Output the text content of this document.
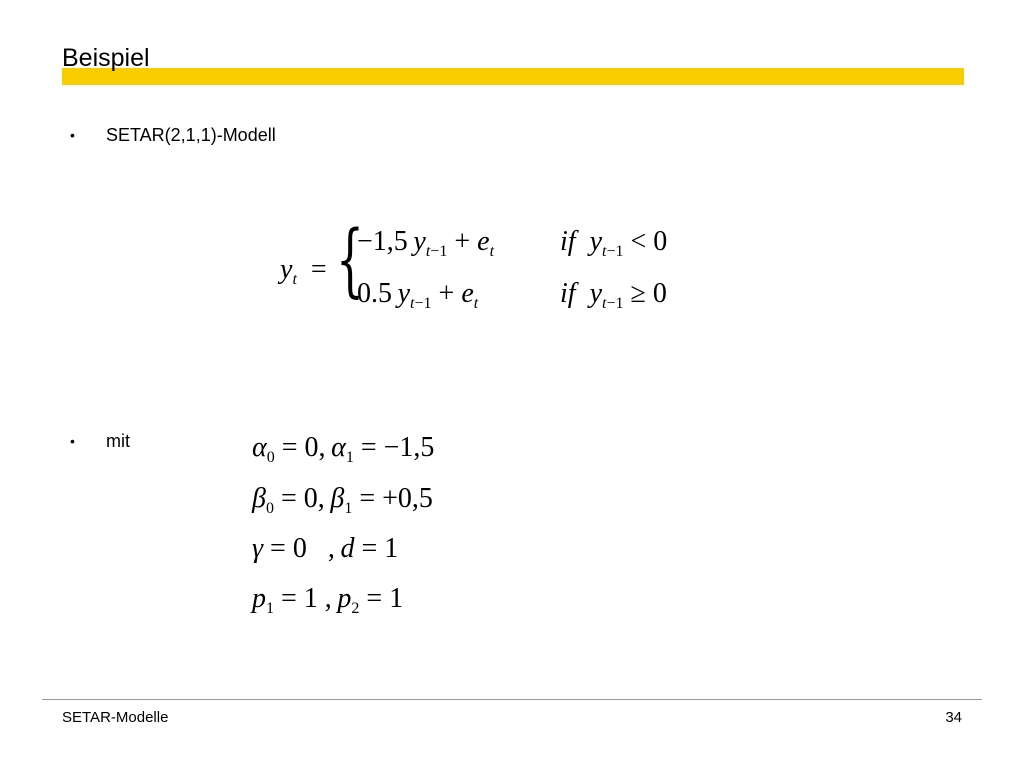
Beispiel
• SETAR(2,1,1)-Modell
$y_t$  = {
−1,5 $y_{t-1} + e_t$ if $y_{t-1} < 0$
0.5 $y_{t-1} + e_t$	if $y_{t-1} \ge 0$
• mit	$\alpha_0 = 0$, $\alpha_1 = -1,5$
$\beta_0 = 0$, $\beta_1 = +0,5$
γ = 0   , d = 1
$p_1 = 1$ , $p_2 = 1$
SETAR-Modelle	34
